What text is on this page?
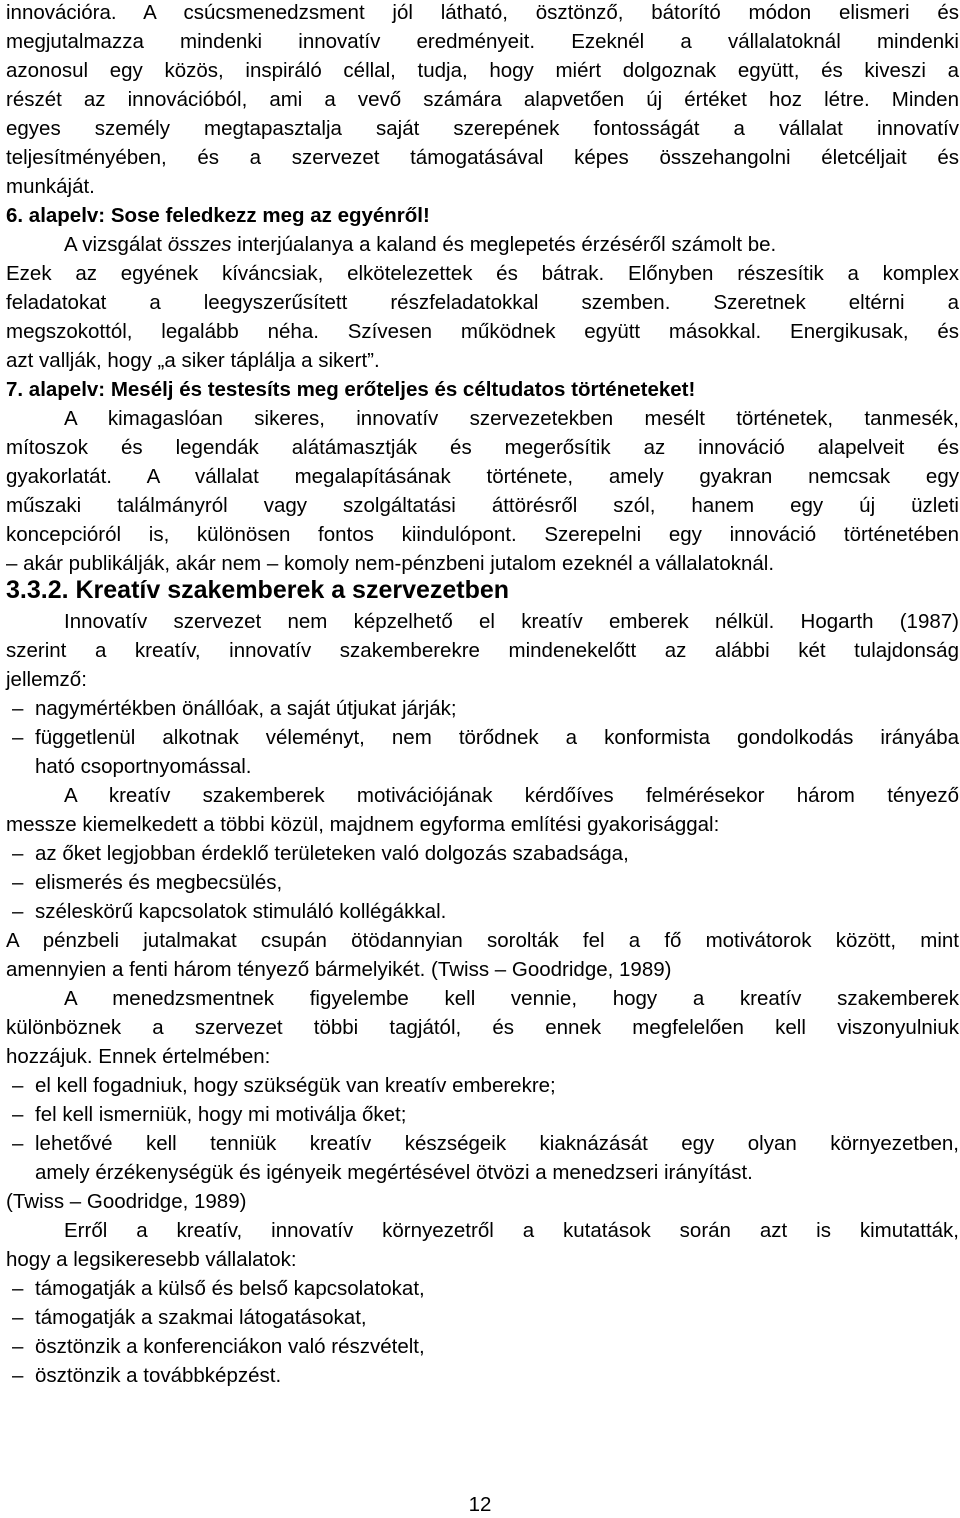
innovációra. A csúcsmenedzsment jól látható, ösztönző, bátorító módon elismeri és
megjutalmazza mindenki innovatív eredményeit. Ezeknél a vállalatoknál mindenki
azonosul egy közös, inspiráló céllal, tudja, hogy miért dolgoznak együtt, és kiveszi a
részét az innovációból, ami a vevő számára alapvetően új értéket hoz létre. Minden
egyes személy megtapasztalja saját szerepének fontosságát a vállalat innovatív
teljesítményében, és a szervezet támogatásával képes összehangolni életcéljait és
munkáját.
6. alapelv: Sose feledkezz meg az egyénről!
A vizsgálat összes interjúalanya a kaland és meglepetés érzéséről számolt be.
Ezek az egyének kíváncsiak, elkötelezettek és bátrak. Előnyben részesítik a komplex
feladatokat a leegyszerűsített részfeladatokkal szemben. Szeretnek eltérni a
megszokottól, legalább néha. Szívesen működnek együtt másokkal. Energikusak, és
azt vallják, hogy „a siker táplálja a sikert”.
7. alapelv: Mesélj és testesíts meg erőteljes és céltudatos történeteket!
A kimagaslóan sikeres, innovatív szervezetekben mesélt történetek, tanmesék,
mítoszok és legendák alátámasztják és megerősítik az innováció alapelveit és
gyakorlatát. A vállalat megalapításának története, amely gyakran nemcsak egy
műszaki találmányról vagy szolgáltatási áttörésről szól, hanem egy új üzleti
koncepcióról is, különösen fontos kiindulópont. Szerepelni egy innováció történetében
– akár publikálják, akár nem – komoly nem-pénzbeni jutalom ezeknél a vállalatoknál.
3.3.2. Kreatív szakemberek a szervezetben
Innovatív szervezet nem képzelhető el kreatív emberek nélkül. Hogarth (1987)
szerint a kreatív, innovatív szakemberekre mindenekelőtt az alábbi két tulajdonság
jellemző:
– nagymértékben önállóak, a saját útjukat járják;
– függetlenül alkotnak véleményt, nem törődnek a konformista gondolkodás irányába
ható csoportnyomással.
A kreatív szakemberek motivációjának kérdőíves felmérésekor három tényező
messze kiemelkedett a többi közül, majdnem egyforma említési gyakorisággal:
– az őket legjobban érdeklő területeken való dolgozás szabadsága,
– elismerés és megbecsülés,
– széleskörű kapcsolatok stimuláló kollégákkal.
A pénzbeli jutalmakat csupán ötödannyian sorolták fel a fő motivátorok között, mint
amennyien a fenti három tényező bármelyikét. (Twiss – Goodridge, 1989)
A menedzsmentnek figyelembe kell vennie, hogy a kreatív szakemberek
különböznek a szervezet többi tagjától, és ennek megfelelően kell viszonyulniuk
hozzájuk. Ennek értelmében:
– el kell fogadniuk, hogy szükségük van kreatív emberekre;
– fel kell ismerniük, hogy mi motiválja őket;
– lehetővé kell tenniük kreatív készségeik kiaknázását egy olyan környezetben,
amely érzékenységük és igényeik megértésével ötvözi a menedzseri irányítást.
(Twiss – Goodridge, 1989)
Erről a kreatív, innovatív környezetről a kutatások során azt is kimutatták,
hogy a legsikeresebb vállalatok:
– támogatják a külső és belső kapcsolatokat,
– támogatják a szakmai látogatásokat,
– ösztönzik a konferenciákon való részvételt,
– ösztönzik a továbbképzést.
12
